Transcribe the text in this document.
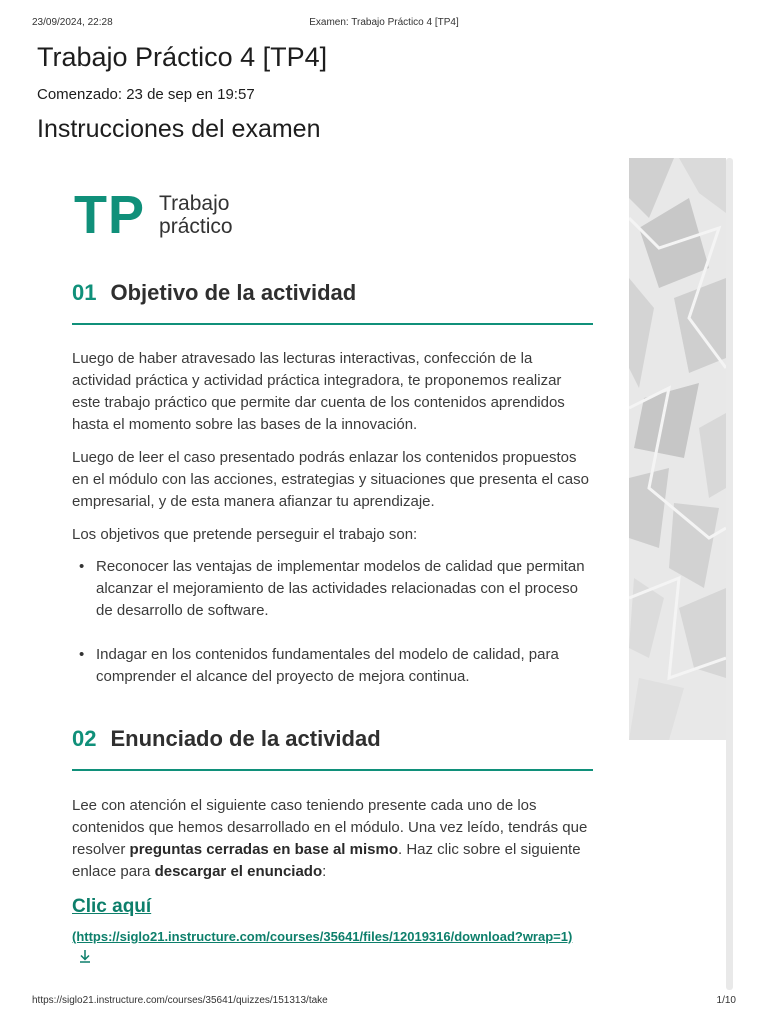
23/09/2024, 22:28	Examen: Trabajo Práctico 4 [TP4]
Trabajo Práctico 4 [TP4]
Comenzado: 23 de sep en 19:57
Instrucciones del examen
TP Trabajo
práctico
01 Objetivo de la actividad

Luego de haber atravesado las lecturas interactivas, confección de la actividad práctica y actividad práctica integradora, te proponemos realizar este trabajo práctico que permite dar cuenta de los contenidos aprendidos hasta el momento sobre las bases de la innovación.

Luego de leer el caso presentado podrás enlazar los contenidos propuestos en el módulo con las acciones, estrategias y situaciones que presenta el caso empresarial, y de esta manera afianzar tu aprendizaje.

Los objetivos que pretende perseguir el trabajo son:

• Reconocer las ventajas de implementar modelos de calidad que permitan alcanzar el mejoramiento de las actividades relacionadas con el proceso de desarrollo de software.
• Indagar en los contenidos fundamentales del modelo de calidad, para comprender el alcance del proyecto de mejora continua.
02 Enunciado de la actividad

Lee con atención el siguiente caso teniendo presente cada uno de los contenidos que hemos desarrollado en el módulo. Una vez leído, tendrás que resolver preguntas cerradas en base al mismo. Haz clic sobre el siguiente enlace para descargar el enunciado:

Clic aquí
(https://siglo21.instructure.com/courses/35641/files/12019316/download?wrap=1)
https://siglo21.instructure.com/courses/35641/quizzes/151313/take	1/10
